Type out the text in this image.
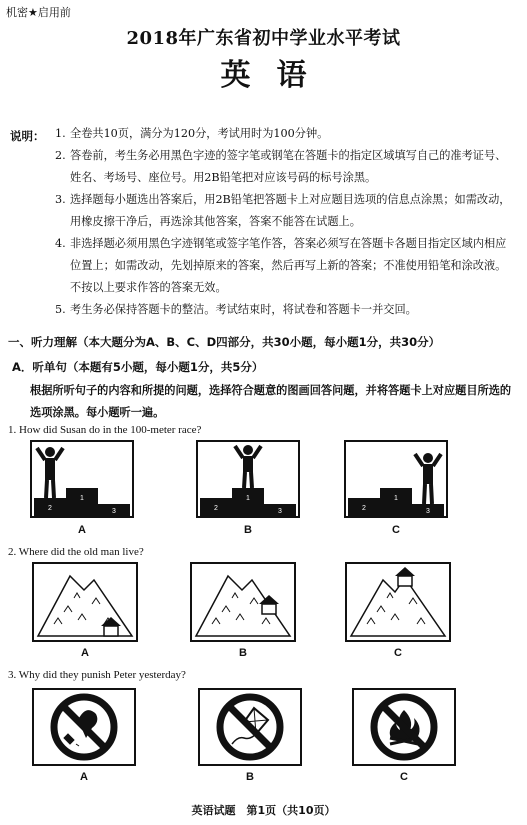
机密★启用前
2018年广东省初中学业水平考试
英语
说明： 1. 全卷共10页，满分为120分，考试用时为100分钟。
2. 答卷前，考生务必用黑色字迹的签字笔或钢笔在答题卡的指定区域填写自己的准考证号、姓名、考场号、座位号。用2B铅笔把对应该号码的标号涂黑。
3. 选择题每小题选出答案后，用2B铅笔把答题卡上对应题目选项的信息点涂黑；如需改动，用橡皮擦干净后，再选涂其他答案，答案不能答在试题上。
4. 非选择题必须用黑色字迹钢笔或签字笔作答，答案必须写在答题卡各题目指定区域内相应位置上；如需改动，先划掉原来的答案，然后再写上新的答案；不准使用铅笔和涂改液。不按以上要求作答的答案无效。
5. 考生务必保持答题卡的整洁。考试结束时，将试卷和答题卡一并交回。
一、听力理解（本大题分为A、B、C、D四部分，共30小题，每小题1分，共30分）
A．听单句（本题有5小题，每小题1分，共5分）
根据所听句子的内容和所提的问题，选择符合题意的图画回答问题，并将答题卡上对应题目所选的选项涂黑。每小题听一遍。
1. How did Susan do in the 100-meter race?
2
1
3	2
1
3	2
1
3
A	B	C
2. Where did the old man live?
A	B	C
3. Why did they punish Peter yesterday?
A	B	C
英语试题　第1页（共10页）
